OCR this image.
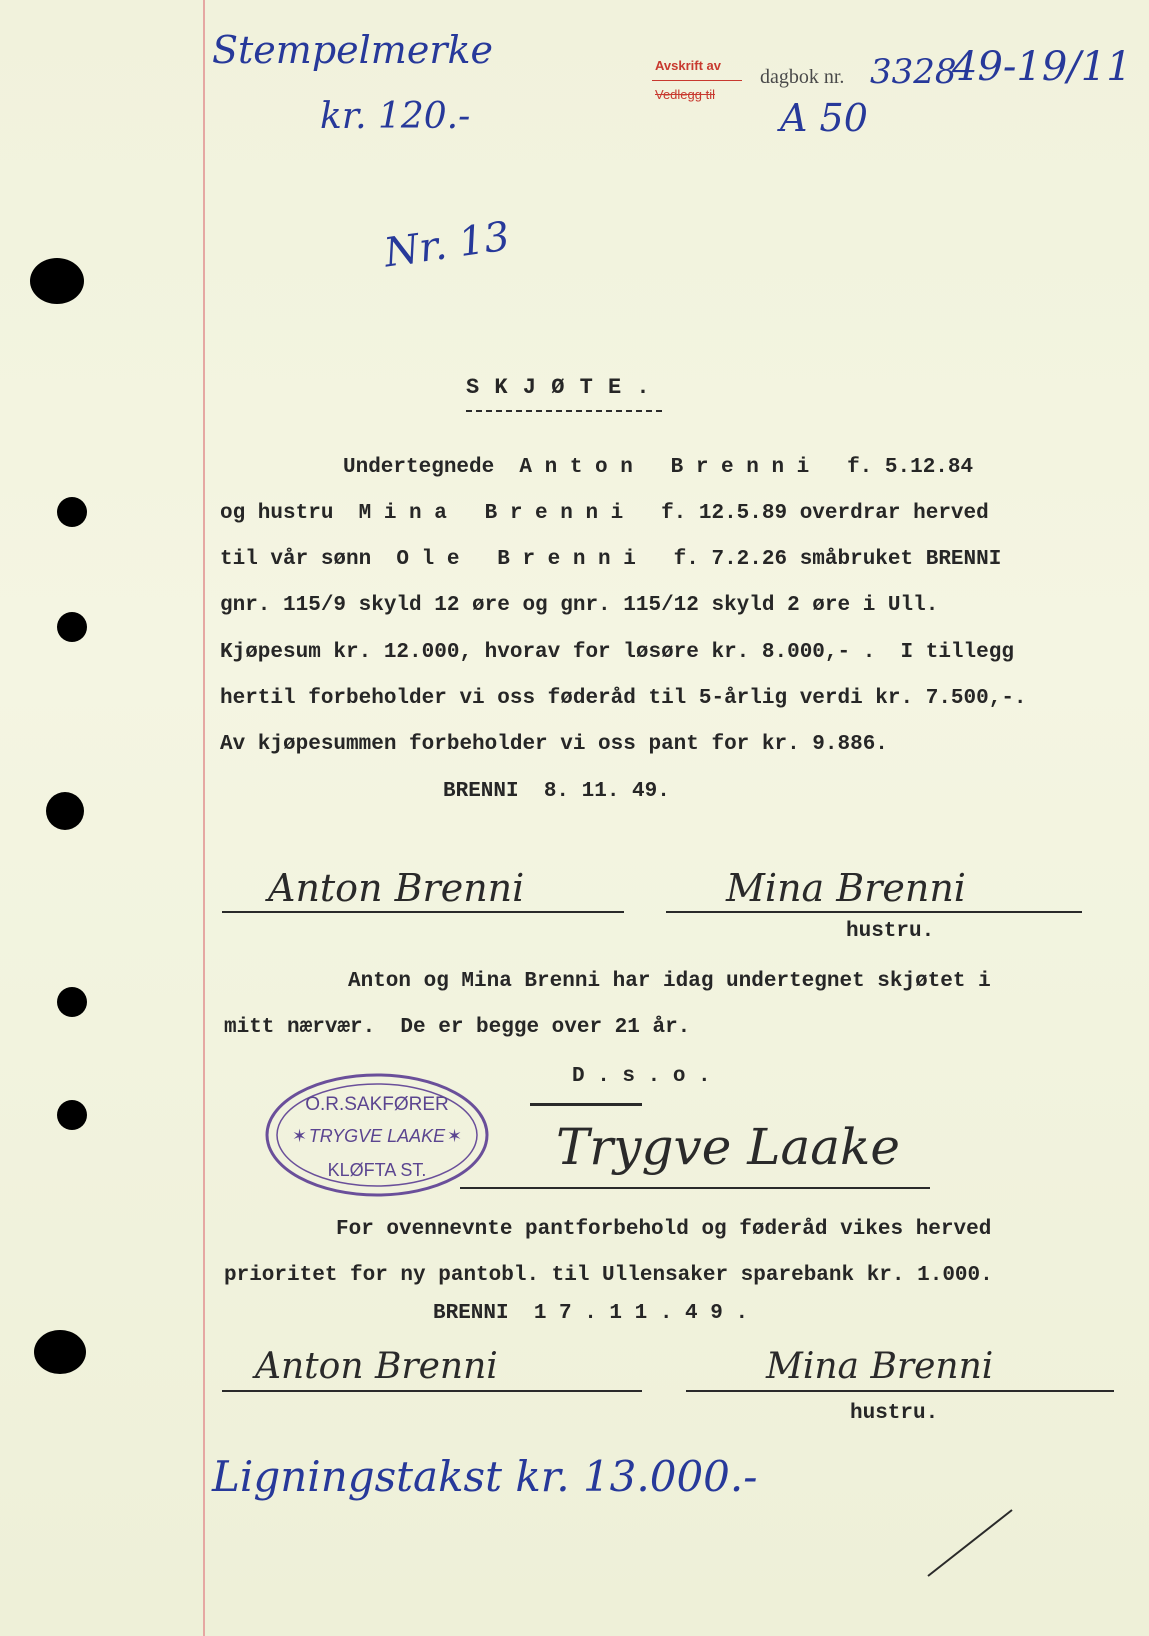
Stempelmerke
kr. 120.-
Avskrift av
Vedlegg til
dagbok nr. 3328
49-19/11
A 50
Nr. 13
S K J Ø T E .
Undertegnede  A n t o n   B r e n n i   f. 5.12.84
og hustru  M i n a   B r e n n i   f. 12.5.89 overdrar herved
til vår sønn  O l e   B r e n n i   f. 7.2.26 småbruket BRENNI
gnr. 115/9 skyld 12 øre og gnr. 115/12 skyld 2 øre i Ull.
Kjøpesum kr. 12.000, hvorav for løsøre kr. 8.000,- .  I tillegg
hertil forbeholder vi oss føderåd til 5-årlig verdi kr. 7.500,-.
Av kjøpesummen forbeholder vi oss pant for kr. 9.886.
BRENNI  8. 11. 49.
Anton Brenni	Mina Brenni
hustru.
Anton og Mina Brenni har idag undertegnet skjøtet i
mitt nærvær.  De er begge over 21 år.
D . s . o .
O.R.SAKFØRER
✶ TRYGVE LAAKE ✶
KLØFTA ST.	Trygve Laake
For ovennevnte pantforbehold og føderåd vikes herved
prioritet for ny pantobl. til Ullensaker sparebank kr. 1.000.
BRENNI  1 7 . 1 1 . 4 9 .
Anton Brenni	Mina Brenni
hustru.
Ligningstakst kr. 13.000.-
